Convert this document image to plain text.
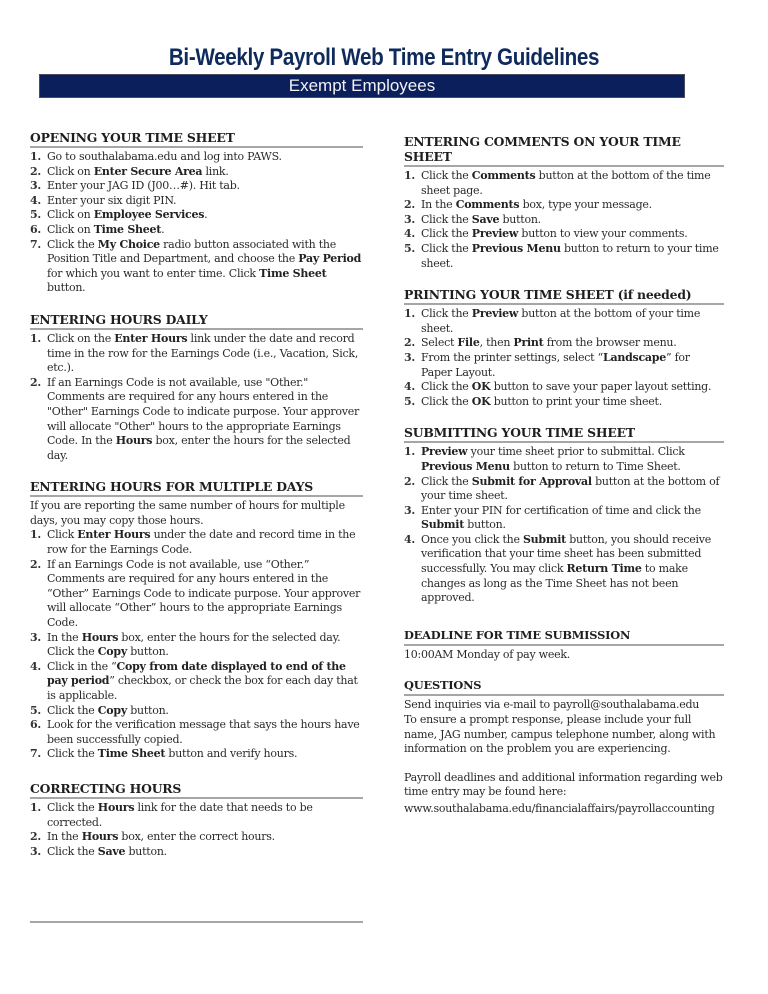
Bi-Weekly Payroll Web Time Entry Guidelines
Exempt Employees
OPENING YOUR TIME SHEET
1. Go to southalabama.edu and log into PAWS.
2. Click on Enter Secure Area link.
3. Enter your JAG ID (J00…#). Hit tab.
4. Enter your six digit PIN.
5. Click on Employee Services.
6. Click on Time Sheet.
7. Click the My Choice radio button associated with the Position Title and Department, and choose the Pay Period for which you want to enter time. Click Time Sheet button.
ENTERING HOURS DAILY
1. Click on the Enter Hours link under the date and record time in the row for the Earnings Code (i.e., Vacation, Sick, etc.).
2. If an Earnings Code is not available, use "Other." Comments are required for any hours entered in the "Other" Earnings Code to indicate purpose. Your approver will allocate "Other" hours to the appropriate Earnings Code. In the Hours box, enter the hours for the selected day.
ENTERING HOURS FOR MULTIPLE DAYS

If you are reporting the same number of hours for multiple days, you may copy those hours.

1. Click Enter Hours under the date and record time in the row for the Earnings Code.
2. If an Earnings Code is not available, use “Other.” Comments are required for any hours entered in the “Other” Earnings Code to indicate purpose. Your approver will allocate “Other” hours to the appropriate Earnings Code.
3. In the Hours box, enter the hours for the selected day. Click the Copy button.
4. Click in the “Copy from date displayed to end of the pay period” checkbox, or check the box for each day that is applicable.
5. Click the Copy button.
6. Look for the verification message that says the hours have been successfully copied.
7. Click the Time Sheet button and verify hours.
CORRECTING HOURS
1. Click the Hours link for the date that needs to be corrected.
2. In the Hours box, enter the correct hours.
3. Click the Save button.
ENTERING COMMENTS ON YOUR TIME SHEET
1. Click the Comments button at the bottom of the time sheet page.
2. In the Comments box, type your message.
3. Click the Save button.
4. Click the Preview button to view your comments.
5. Click the Previous Menu button to return to your time sheet.
PRINTING YOUR TIME SHEET (if needed)
1. Click the Preview button at the bottom of your time sheet.
2. Select File, then Print from the browser menu.
3. From the printer settings, select “Landscape” for Paper Layout.
4. Click the OK button to save your paper layout setting.
5. Click the OK button to print your time sheet.
SUBMITTING YOUR TIME SHEET
1. Preview your time sheet prior to submittal. Click Previous Menu button to return to Time Sheet.
2. Click the Submit for Approval button at the bottom of your time sheet.
3. Enter your PIN for certification of time and click the Submit button.
4. Once you click the Submit button, you should receive verification that your time sheet has been submitted successfully. You may click Return Time to make changes as long as the Time Sheet has not been approved.
DEADLINE FOR TIME SUBMISSION

10:00AM Monday of pay week.

QUESTIONS

Send inquiries via e-mail to payroll@southalabama.edu

To ensure a prompt response, please include your full name, JAG number, campus telephone number, along with information on the problem you are experiencing.

Payroll deadlines and additional information regarding web time entry may be found here:

www.southalabama.edu/financialaffairs/payrollaccounting
